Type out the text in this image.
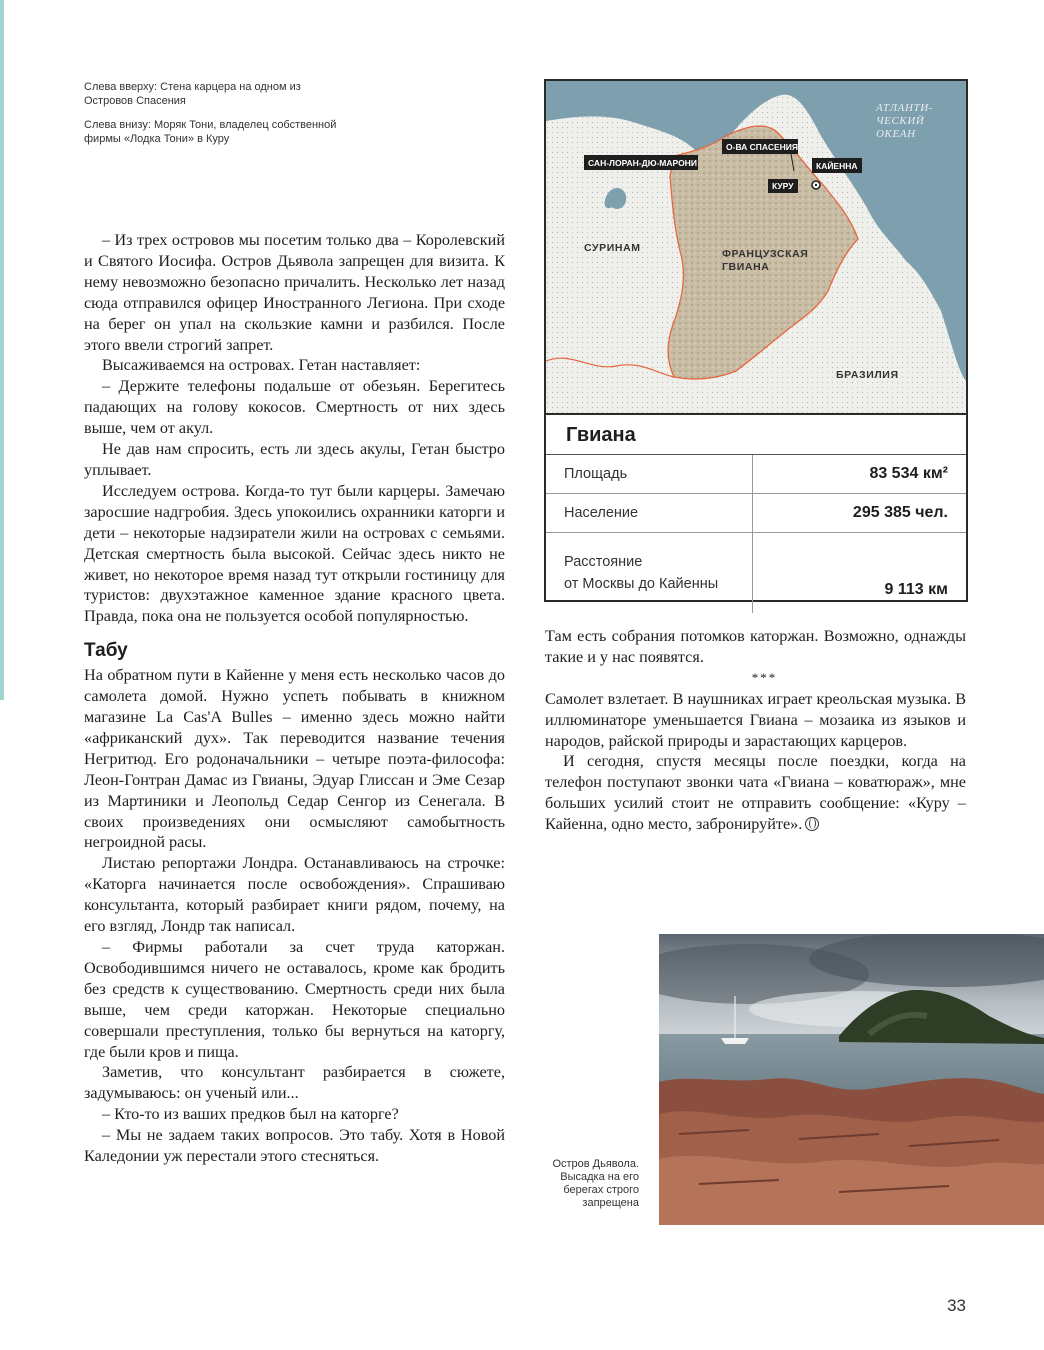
Слева вверху: Стена карцера на одном из Островов Спасения

Слева внизу: Моряк Тони, владелец собственной фирмы «Лодка Тони» в Куру

– Из трех островов мы посетим только два – Королевский и Святого Иосифа. Остров Дьявола запрещен для визита. К нему невозможно безопасно причалить. Несколько лет назад сюда отправился офицер Иностранного Легиона. При сходе на берег он упал на скользкие камни и разбился. После этого ввели строгий запрет.

Высаживаемся на островах. Гетан наставляет:

– Держите телефоны подальше от обезьян. Берегитесь падающих на голову кокосов. Смертность от них здесь выше, чем от акул.

Не дав нам спросить, есть ли здесь акулы, Гетан быстро уплывает.

Исследуем острова. Когда-то тут были карцеры. Замечаю заросшие надгробия. Здесь упокоились охранники каторги и дети – некоторые надзиратели жили на островах с семьями. Детская смертность была высокой. Сейчас здесь никто не живет, но некоторое время назад тут открыли гостиницу для туристов: двухэтажное каменное здание красного цвета. Правда, пока она не пользуется особой популярностью.

Табу

На обратном пути в Кайенне у меня есть несколько часов до самолета домой. Нужно успеть побывать в книжном магазине La Cas'A Bulles – именно здесь можно найти «африканский дух». Так переводится название течения Негритюд. Его родоначальники – четыре поэта-философа: Леон-Гонтран Дамас из Гвианы, Эдуар Глиссан и Эме Сезар из Мартиники и Леопольд Седар Сенгор из Сенегала. В своих произведениях они осмысляют самобытность негроидной расы.

Листаю репортажи Лондра. Останавливаюсь на строчке: «Каторга начинается после освобождения». Спрашиваю консультанта, который разбирает книги рядом, почему, на его взгляд, Лондр так написал.

– Фирмы работали за счет труда каторжан. Освободившимся ничего не оставалось, кроме как бродить без средств к существованию. Смертность среди них была выше, чем среди каторжан. Некоторые специально совершали преступления, только бы вернуться на каторгу, где были кров и пища.

Заметив, что консультант разбирается в сюжете, задумываюсь: он ученый или...

– Кто-то из ваших предков был на каторге?

– Мы не задаем таких вопросов. Это табу. Хотя в Новой Каледонии уж перестали этого стесняться.

АТЛАНТИ-
ЧЕСКИЙ
ОКЕАН
СУРИНАМ	ФРАНЦУЗСКАЯ
ГВИАНА
БРАЗИЛИЯ
САН-ЛОРАН-ДЮ-МАРОНИ
О-ВА СПАСЕНИЯ
КУРУ
КАЙЕННА
Гвиана
Площадь	83 534 км²
Население	295 385 чел.
Расстояние
от Москвы до Кайенны	9 113 км

Там есть собрания потомков каторжан. Возможно, однажды такие и у нас появятся.

***

Самолет взлетает. В наушниках играет креольская музыка. В иллюминаторе уменьшается Гвиана – мозаика из языков и народов, райской природы и зарастающих карцеров.

И сегодня, спустя месяцы после поездки, когда на телефон поступают звонки чата «Гвиана – коватюраж», мне больших усилий стоит не отправить сообщение: «Куру – Кайенна, одно место, забронируйте».

Остров Дьявола. Высадка на его берегах строго запрещена
33
